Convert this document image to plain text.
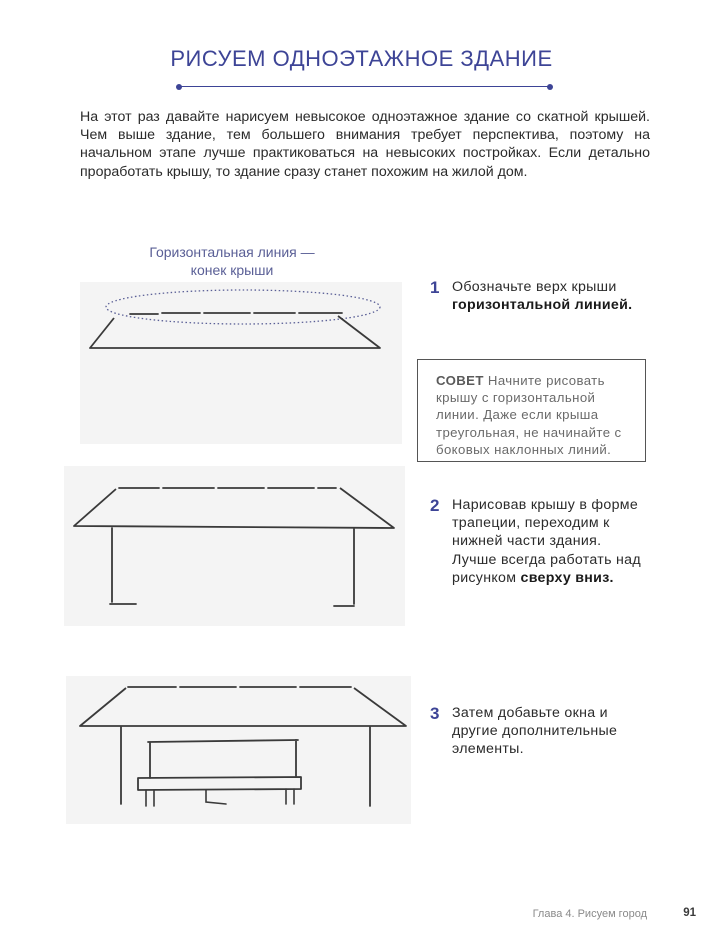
РИСУЕМ ОДНОЭТАЖНОЕ ЗДАНИЕ
На этот раз давайте нарисуем невысокое одноэтажное здание со скатной крышей. Чем выше здание, тем большего внимания требует перспектива, поэтому на начальном этапе лучше практиковаться на невысоких постройках. Если детально проработать крышу, то здание сразу станет похожим на жилой дом.
Горизонтальная линия —
конек крыши
1 Обозначьте верх крыши горизонтальной линией.
СОВЕТ Начните рисовать крышу с горизонтальной линии. Даже если крыша треугольная, не начинайте с боковых наклонных линий.
2 Нарисовав крышу в форме трапеции, переходим к нижней части здания. Лучше всегда работать над рисунком сверху вниз.
3 Затем добавьте окна и другие дополнительные элементы.
Глава 4. Рисуем город	91
